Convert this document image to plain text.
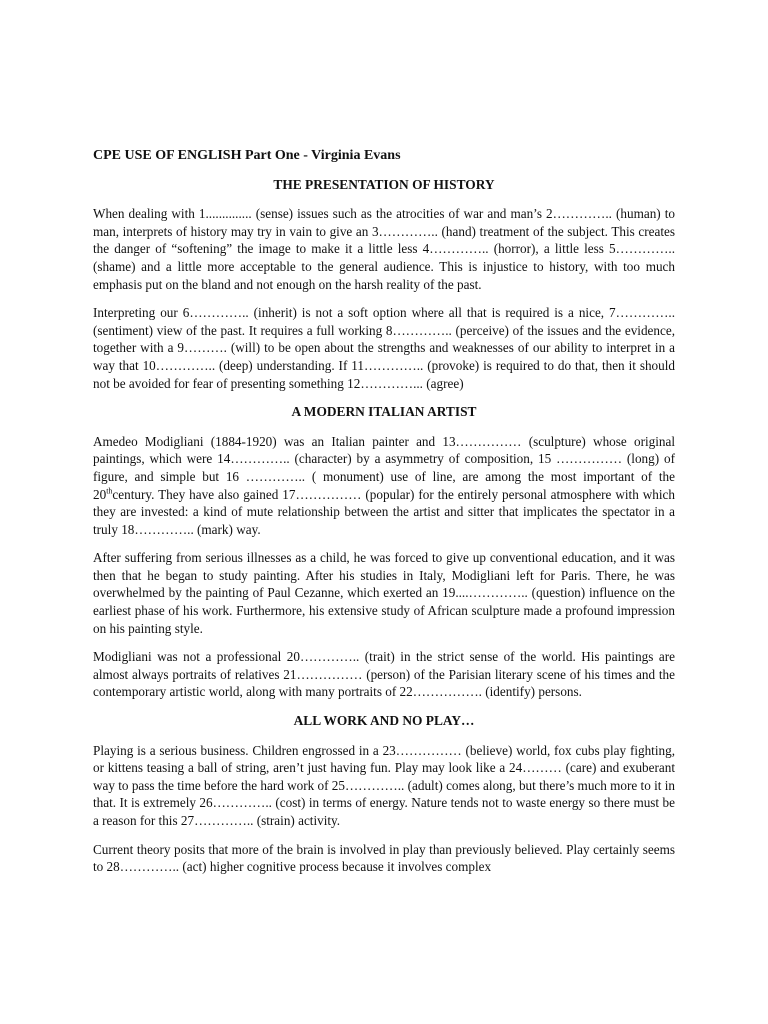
CPE USE OF ENGLISH Part One - Virginia Evans
THE PRESENTATION OF HISTORY

When dealing with 1.............. (sense) issues such as the atrocities of war and man’s 2………….. (human) to man, interprets of history may try in vain to give an 3………….. (hand) treatment of the subject. This creates the danger of “softening” the image to make it a little less 4………….. (horror), a little less 5………….. (shame) and a little more acceptable to the general audience. This is injustice to history, with too much emphasis put on the bland and not enough on the harsh reality of the past.

Interpreting our 6………….. (inherit) is not a soft option where all that is required is a nice, 7………….. (sentiment) view of the past. It requires a full working 8………….. (perceive) of the issues and the evidence, together with a 9………. (will) to be open about the strengths and weaknesses of our ability to interpret in a way that 10………….. (deep) understanding. If 11………….. (provoke) is required to do that, then it should not be avoided for fear of presenting something 12…………... (agree)

A MODERN ITALIAN ARTIST

Amedeo Modigliani (1884-1920) was an Italian painter and 13…………… (sculpture) whose original paintings, which were 14………….. (character) by a asymmetry of composition, 15 …………… (long) of figure, and simple but 16 ………….. ( monument) use of line, are among the most important of the 20thcentury. They have also gained 17…………… (popular) for the entirely personal atmosphere with which they are invested: a kind of mute relationship between the artist and sitter that implicates the spectator in a truly 18………….. (mark) way.

After suffering from serious illnesses as a child, he was forced to give up conventional education, and it was then that he began to study painting. After his studies in Italy, Modigliani left for Paris. There, he was overwhelmed by the painting of Paul Cezanne, which exerted an 19....………….. (question) influence on the earliest phase of his work. Furthermore, his extensive study of African sculpture made a profound impression on his painting style.

Modigliani was not a professional 20………….. (trait) in the strict sense of the world. His paintings are almost always portraits of relatives 21…………… (person) of the Parisian literary scene of his times and the contemporary artistic world, along with many portraits of 22……………. (identify) persons.

ALL WORK AND NO PLAY…

Playing is a serious business. Children engrossed in a 23…………… (believe) world, fox cubs play fighting, or kittens teasing a ball of string, aren’t just having fun. Play may look like a 24……… (care) and exuberant way to pass the time before the hard work of 25………….. (adult) comes along, but there’s much more to it in that. It is extremely 26………….. (cost) in terms of energy. Nature tends not to waste energy so there must be a reason for this 27………….. (strain) activity.

Current theory posits that more of the brain is involved in play than previously believed. Play certainly seems to 28………….. (act) higher cognitive process because it involves complex
